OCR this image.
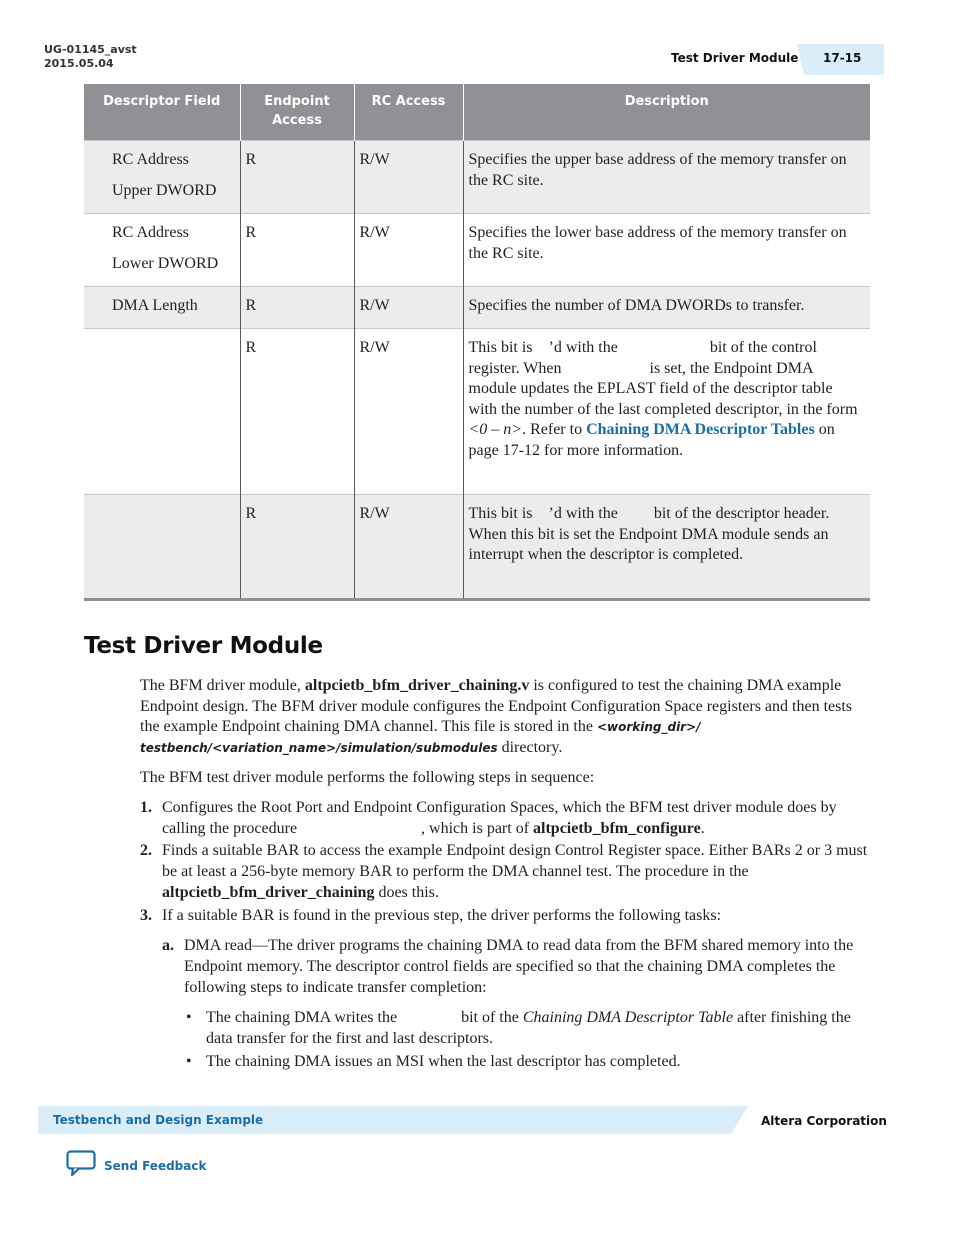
UG-01145_avst
2015.05.04	Test Driver Module 17-15
Descriptor Field	Endpoint Access	RC Access	Description

RC Address
Upper DWORD	R	R/W	Specifies the upper base address of the memory transfer on the RC site.

RC Address
Lower DWORD	R	R/W	Specifies the lower base address of the memory transfer on the RC site.
DMA Length	R	R/W	Specifies the number of DMA DWORDs to transfer.
	R	R/W	This bit is    ’d with the                       bit of the control register. When                      is set, the Endpoint DMA module updates the EPLAST field of the descriptor table with the number of the last completed descriptor, in the form <0 – n>. Refer to Chaining DMA Descriptor Tables on page 17-12 for more information.
	R	R/W	This bit is    ’d with the         bit of the descriptor header. When this bit is set the Endpoint DMA module sends an interrupt when the descriptor is completed.
Test Driver Module

The BFM driver module, altpcietb_bfm_driver_chaining.v is configured to test the chaining DMA example Endpoint design. The BFM driver module configures the Endpoint Configuration Space registers and then tests the example Endpoint chaining DMA channel. This file is stored in the <working_dir>/ testbench/<variation_name>/simulation/submodules directory.

The BFM test driver module performs the following steps in sequence:

1. Configures the Root Port and Endpoint Configuration Spaces, which the BFM test driver module does by calling the procedure                               , which is part of altpcietb_bfm_configure.
2. Finds a suitable BAR to access the example Endpoint design Control Register space. Either BARs 2 or 3 must be at least a 256-byte memory BAR to perform the DMA channel test. The procedure in the altpcietb_bfm_driver_chaining does this.
3. If a suitable BAR is found in the previous step, the driver performs the following tasks:
a. DMA read—The driver programs the chaining DMA to read data from the BFM shared memory into the Endpoint memory. The descriptor control fields are specified so that the chaining DMA completes the following steps to indicate transfer completion:
• The chaining DMA writes the                bit of the Chaining DMA Descriptor Table after finishing the data transfer for the first and last descriptors.
• The chaining DMA issues an MSI when the last descriptor has completed.
Testbench and Design Example	Altera Corporation
Send Feedback
